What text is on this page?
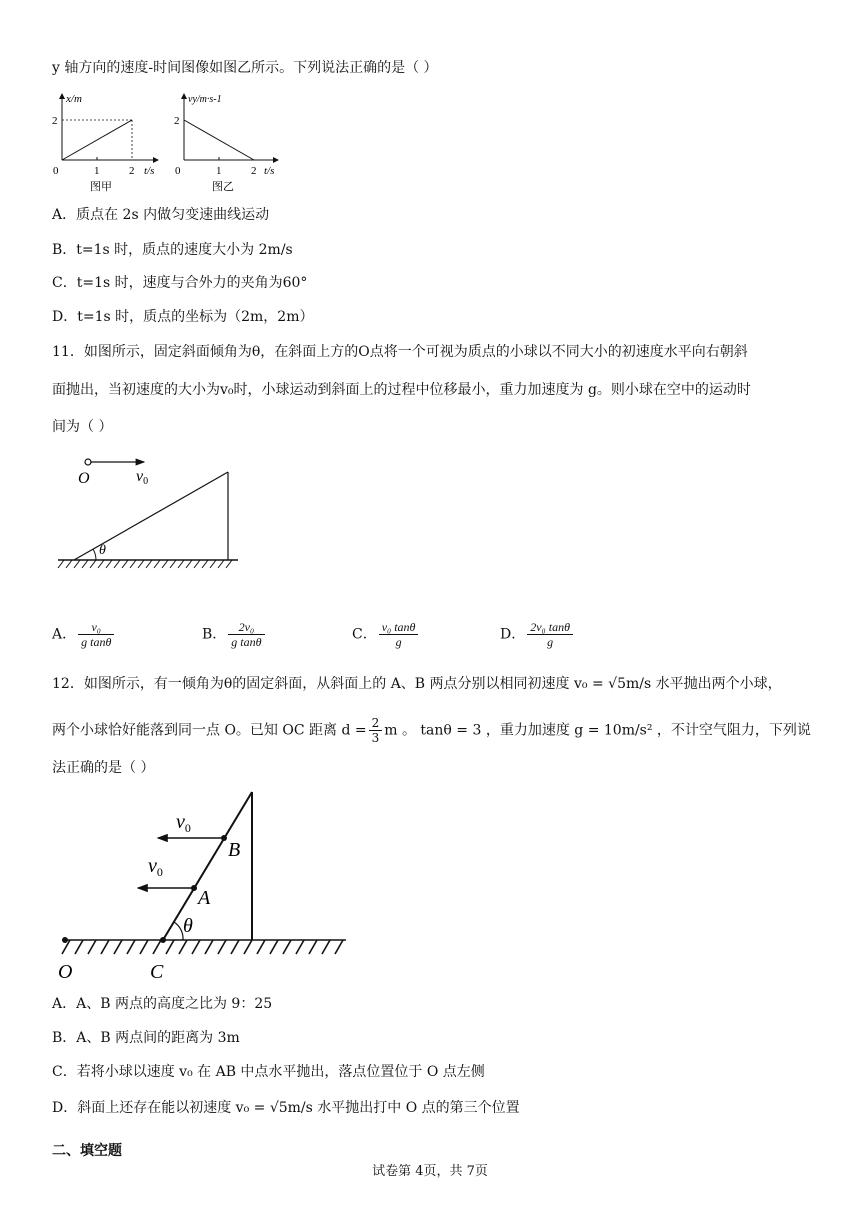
y 轴方向的速度-时间图像如图乙所示。下列说法正确的是（ ）
x/m
2
0	1	2 t/s
图甲
vy/m·s-1
2
0	1	2 t/s
图乙
A．质点在 2s 内做匀变速曲线运动
B．t=1s 时，质点的速度大小为 2m/s
C．t=1s 时，速度与合外力的夹角为60°
D．t=1s 时，质点的坐标为（2m，2m）
11．如图所示，固定斜面倾角为θ，在斜面上方的O点将一个可视为质点的小球以不同大小的初速度水平向右朝斜
面抛出，当初速度的大小为v₀时，小球运动到斜面上的过程中位移最小，重力加速度为 g。则小球在空中的运动时
间为（ ）
O	v0
θ
A． $\frac{\text{v₀}}{\text{g tanθ}}$	B． $\frac{\text{2v₀}}{\text{g tanθ}}$	C． $\frac{\text{v₀ tanθ}}{g}$	D． $\frac{\text{2v₀ tanθ}}{g}$
12．如图所示，有一倾角为θ的固定斜面，从斜面上的 A、B 两点分别以相同初速度 v₀ = √5m/s 水平抛出两个小球，
两个小球恰好能落到同一点 O。已知 OC 距离 $d = \frac{2}{3}$ m 。 tanθ = 3 ，重力加速度 g = 10m/s² ，不计空气阻力，下列说
法正确的是（ ）
$v_0$
$v_0$
B
A
θ
O	C
A．A、B 两点的高度之比为 9：25
B．A、B 两点间的距离为 3m
C．若将小球以速度 v₀ 在 AB 中点水平抛出，落点位置位于 O 点左侧
D．斜面上还存在能以初速度 v₀ = √5m/s 水平抛出打中 O 点的第三个位置
二、填空题
试卷第 4页，共 7页
